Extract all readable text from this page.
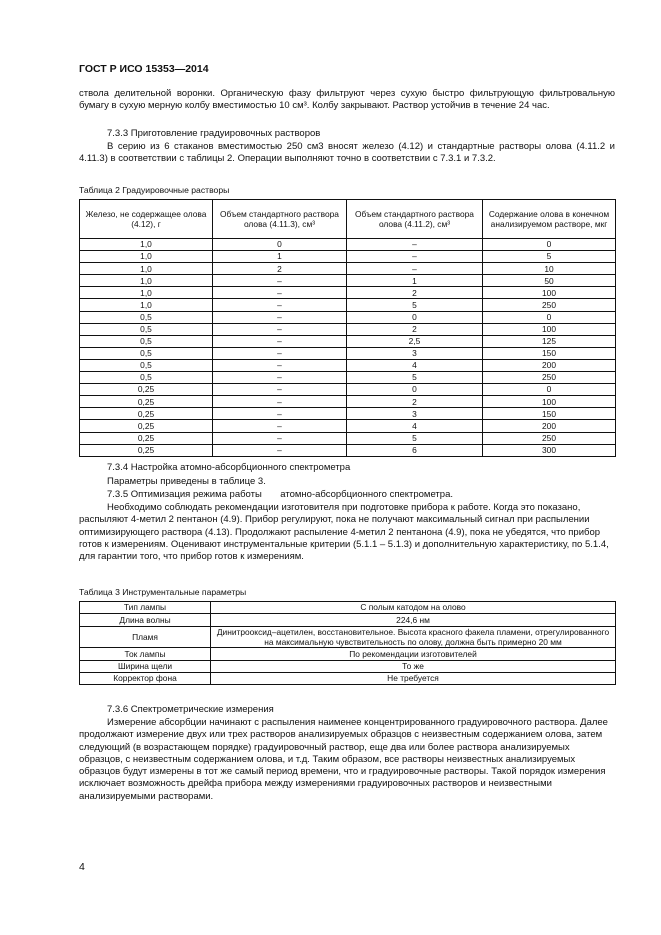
ГОСТ Р ИСО 15353—2014
ствола делительной воронки. Органическую фазу фильтруют через сухую быстро фильтрующую фильтровальную бумагу в сухую мерную колбу вместимостью 10 см³. Колбу закрывают. Раствор устойчив в течение 24 час.
7.3.3 Приготовление градуировочных растворов
В серию из 6 стаканов вместимостью 250 см3 вносят железо (4.12) и стандартные растворы олова (4.11.2 и 4.11.3) в соответствии с таблицы 2. Операции выполняют точно в соответствии с 7.3.1 и 7.3.2.
Таблица 2 Градуировочные растворы
Железо, не содержащее олова (4.12), г	Объем стандартного раствора олова (4.11.3), см³	Объем стандартного раствора олова (4.11.2), см³	Содержание олова в конечном анализируемом растворе, мкг
1,0	0	–	0
1,0	1	–	5
1,0	2	–	10
1,0	–	1	50
1,0	–	2	100
1,0	–	5	250
0,5	–	0	0
0,5	–	2	100
0,5	–	2,5	125
0,5	–	3	150
0,5	–	4	200
0,5	–	5	250
0,25	–	0	0
0,25	–	2	100
0,25	–	3	150
0,25	–	4	200
0,25	–	5	250
0,25	–	6	300
7.3.4 Настройка атомно-абсорбционного спектрометра
Параметры приведены в таблице 3.
7.3.5 Оптимизация режима работы       атомно-абсорбционного спектрометра.
Необходимо соблюдать рекомендации изготовителя при подготовке прибора к работе. Когда это показано, распыляют 4-метил 2 пентанон (4.9). Прибор регулируют, пока не получают максимальный сигнал при распылении оптимизирующего раствора (4.13). Продолжают распыление 4-метил 2 пентанона (4.9), пока не убедятся, что прибор готов к измерениям. Оценивают инструментальные критерии (5.1.1 – 5.1.3) и дополнительную характеристику, по 5.1.4, для гарантии того, что прибор готов к измерениям.
Таблица 3 Инструментальные параметры
Тип лампы	С полым катодом на олово
Длина волны	224,6 нм
Пламя	Динитрооксид–ацетилен, восстановительное. Высота красного факела пламени, отрегулированного на максимальную чувствительность по олову, должна быть примерно 20 мм
Ток лампы	По рекомендации изготовителей
Ширина щели	То же
Корректор фона	Не требуется
7.3.6 Спектрометрические измерения
Измерение абсорбции начинают с распыления наименее концентрированного градуировочного раствора. Далее продолжают измерение двух или трех растворов анализируемых образцов с неизвестным содержанием олова, затем следующий (в возрастающем порядке) градуировочный раствор, еще два или более раствора анализируемых образцов, с неизвестным содержанием олова, и т.д. Таким образом, все растворы неизвестных анализируемых образцов будут измерены в тот же самый период времени, что и градуировочные растворы. Такой порядок измерения исключает возможность дрейфа прибора между измерениями градуировочных растворов и неизвестными анализируемыми растворами.
4
